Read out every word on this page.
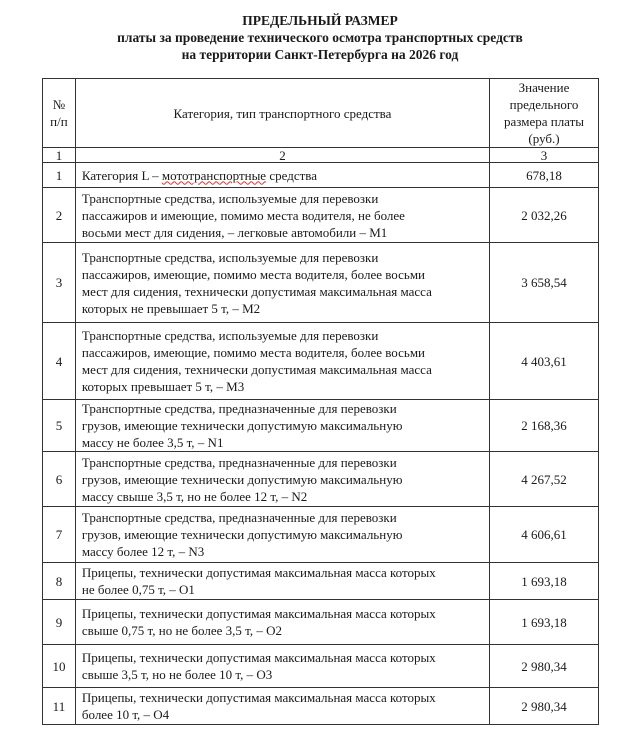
ПРЕДЕЛЬНЫЙ РАЗМЕР
платы за проведение технического осмотра транспортных средств
на территории Санкт-Петербурга на 2026 год
№
п/п	Категория, тип транспортного средства	Значение
предельного
размера платы
(руб.)

1	2	3
1	Категория L – мототранспортные средства	678,18
2	Транспортные средства, используемые для перевозки
пассажиров и имеющие, помимо места водителя, не более
восьми мест для сидения, – легковые автомобили – M1	2 032,26
3	Транспортные средства, используемые для перевозки
пассажиров, имеющие, помимо места водителя, более восьми
мест для сидения, технически допустимая максимальная масса
которых не превышает 5 т, – M2	3 658,54
4	Транспортные средства, используемые для перевозки
пассажиров, имеющие, помимо места водителя, более восьми
мест для сидения, технически допустимая максимальная масса
которых превышает 5 т, – M3	4 403,61
5	Транспортные средства, предназначенные для перевозки
грузов, имеющие технически допустимую максимальную
массу не более 3,5 т, – N1	2 168,36
6	Транспортные средства, предназначенные для перевозки
грузов, имеющие технически допустимую максимальную
массу свыше 3,5 т, но не более 12 т, – N2	4 267,52
7	Транспортные средства, предназначенные для перевозки
грузов, имеющие технически допустимую максимальную
массу более 12 т, – N3	4 606,61
8	Прицепы, технически допустимая максимальная масса которых
не более 0,75 т, – O1	1 693,18
9	Прицепы, технически допустимая максимальная масса которых
свыше 0,75 т, но не более 3,5 т, – O2	1 693,18
10	Прицепы, технически допустимая максимальная масса которых
свыше 3,5 т, но не более 10 т, – O3	2 980,34
11	Прицепы, технически допустимая максимальная масса которых
более 10 т, – O4	2 980,34
